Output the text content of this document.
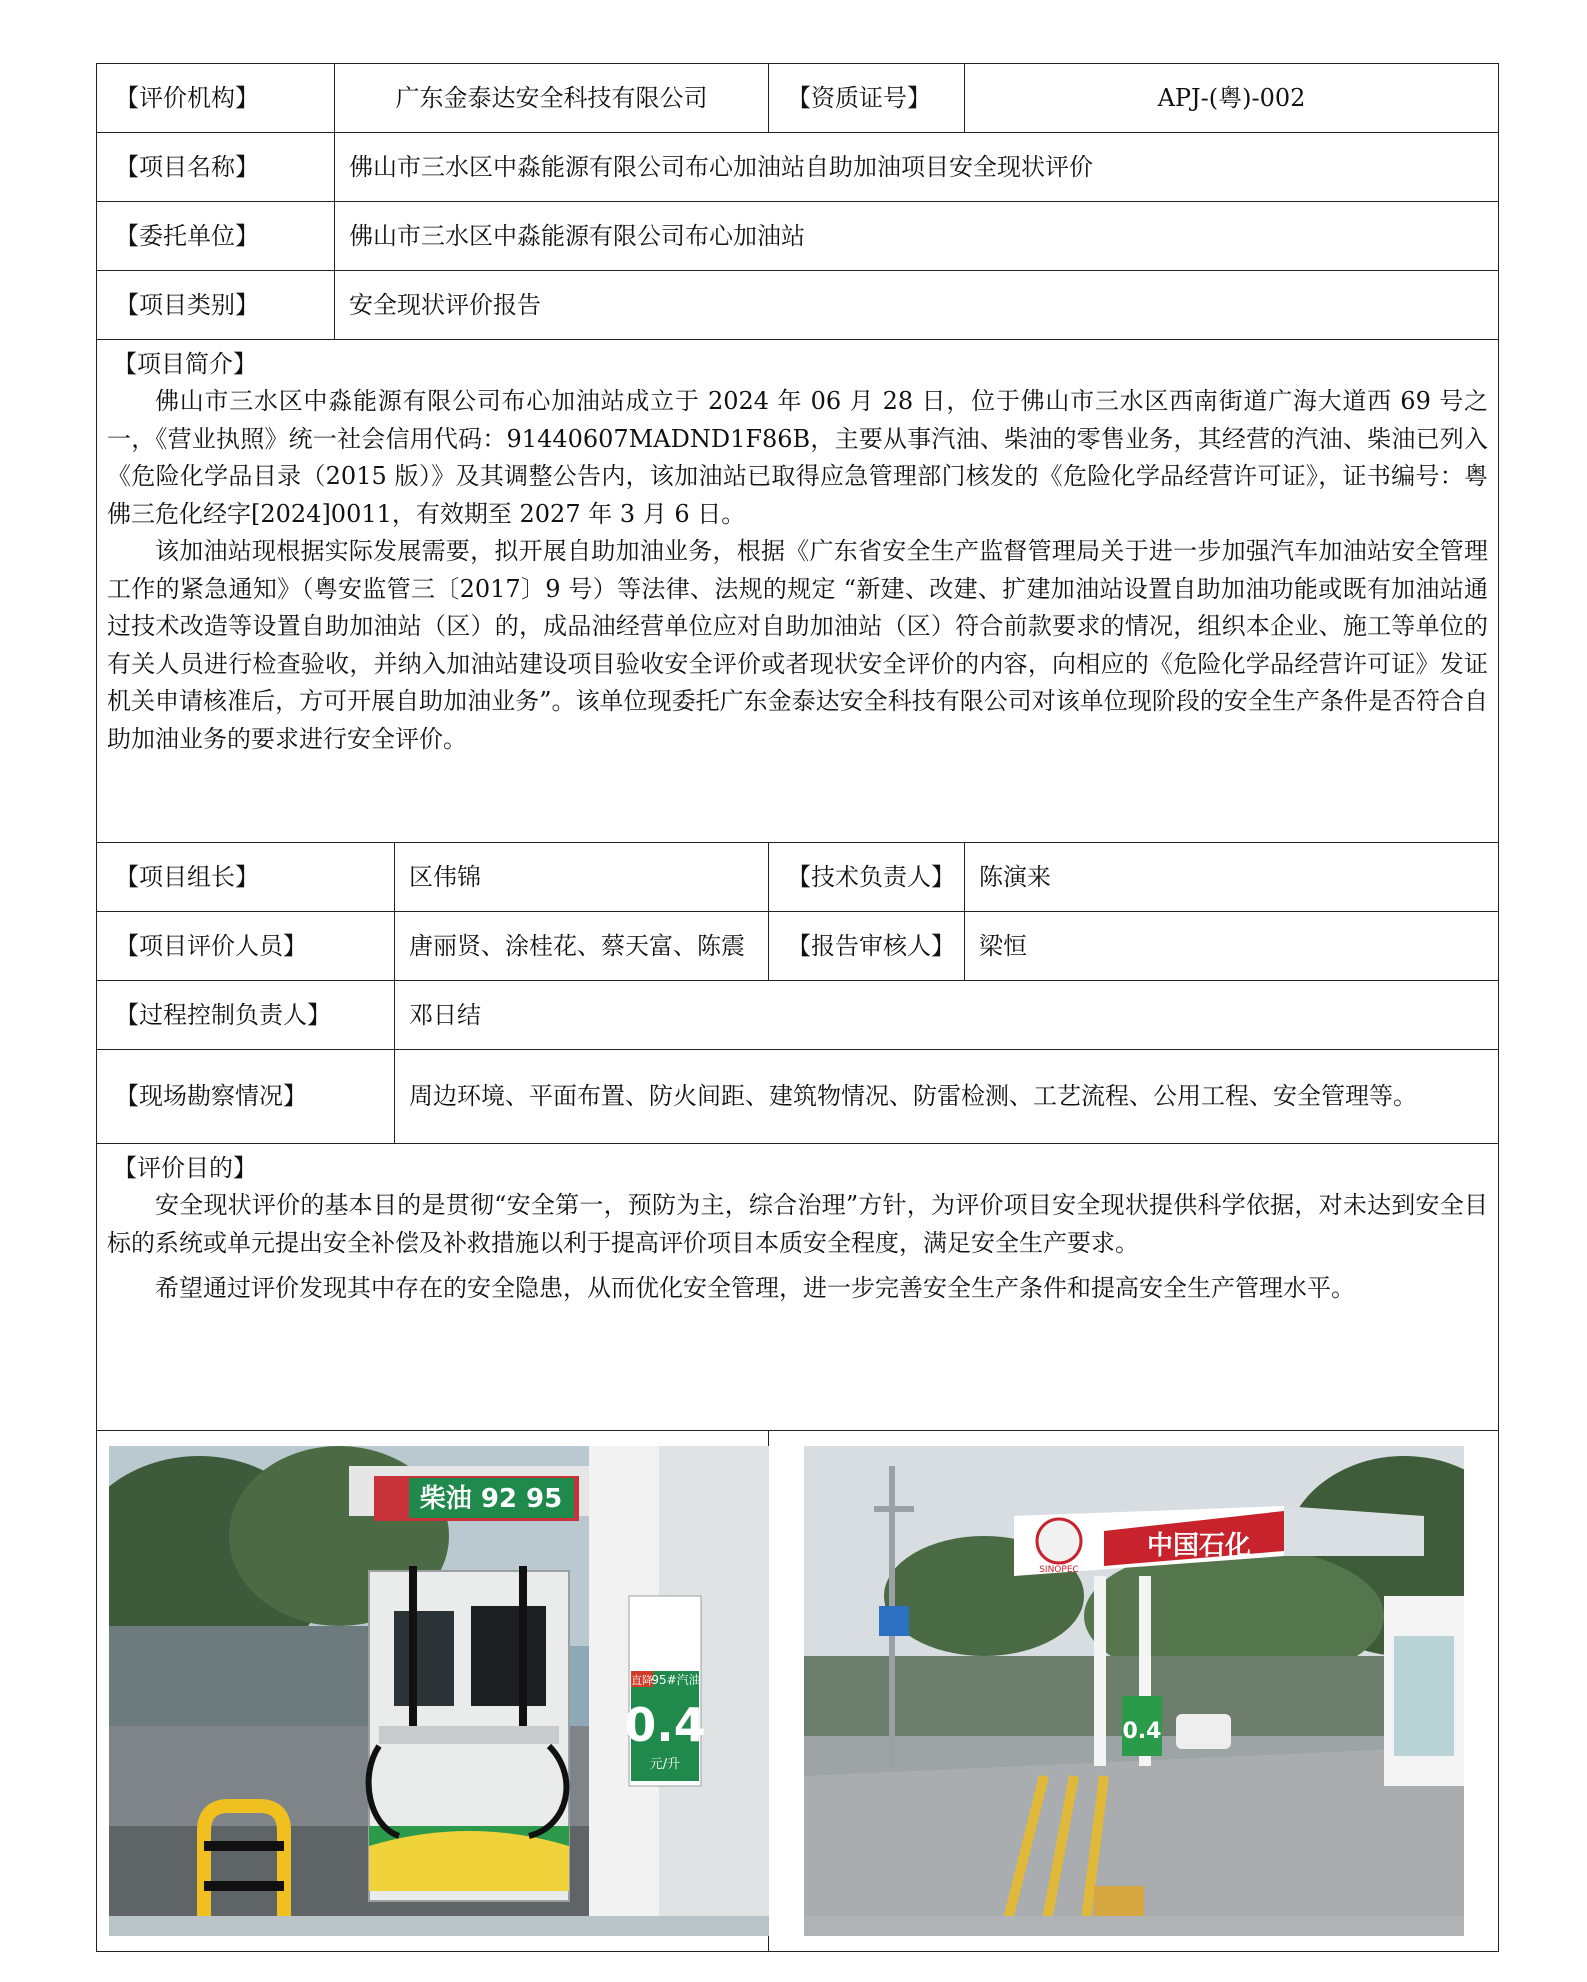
【评价机构】	广东金泰达安全科技有限公司		【资质证号】	APJ-(粤)-002
【项目名称】	佛山市三水区中淼能源有限公司布心加油站自助加油项目安全现状评价			
【委托单位】	佛山市三水区中淼能源有限公司布心加油站			
【项目类别】	安全现状评价报告			

【项目简介】

佛山市三水区中淼能源有限公司布心加油站成立于 2024 年 06 月 28 日，位于佛山市三水区西南街道广海大道西 69 号之一，《营业执照》统一社会信用代码：91440607MADND1F86B，主要从事汽油、柴油的零售业务，其经营的汽油、柴油已列入《危险化学品目录（2015 版）》及其调整公告内，该加油站已取得应急管理部门核发的《危险化学品经营许可证》，证书编号：粤佛三危化经字[2024]0011，有效期至 2027 年 3 月 6 日。

该加油站现根据实际发展需要，拟开展自助加油业务，根据《广东省安全生产监督管理局关于进一步加强汽车加油站安全管理工作的紧急通知》（粤安监管三〔2017〕9 号）等法律、法规的规定 “新建、改建、扩建加油站设置自助加油功能或既有加油站通过技术改造等设置自助加油站（区）的，成品油经营单位应对自助加油站（区）符合前款要求的情况，组织本企业、施工等单位的有关人员进行检查验收，并纳入加油站建设项目验收安全评价或者现状安全评价的内容，向相应的《危险化学品经营许可证》发证机关申请核准后，方可开展自助加油业务”。该单位现委托广东金泰达安全科技有限公司对该单位现阶段的安全生产条件是否符合自助加油业务的要求进行安全评价。				

【项目组长】		区伟锦	【技术负责人】	陈演来
【项目评价人员】		唐丽贤、涂桂花、蔡天富、陈震	【报告审核人】	梁恒
【过程控制负责人】		邓日结		
【现场勘察情况】		周边环境、平面布置、防火间距、建筑物情况、防雷检测、工艺流程、公用工程、安全管理等。		

【评价目的】

安全现状评价的基本目的是贯彻“安全第一，预防为主，综合治理”方针，为评价项目安全现状提供科学依据，对未达到安全目标的系统或单元提出安全补偿及补救措施以利于提高评价项目本质安全程度，满足安全生产要求。

希望通过评价发现其中存在的安全隐患，从而优化安全管理，进一步完善安全生产条件和提高安全生产管理水平。				

柴油 92 95
直降
95#汽油
0.4
元/升			中国石化
SINOPEC
0.4	
